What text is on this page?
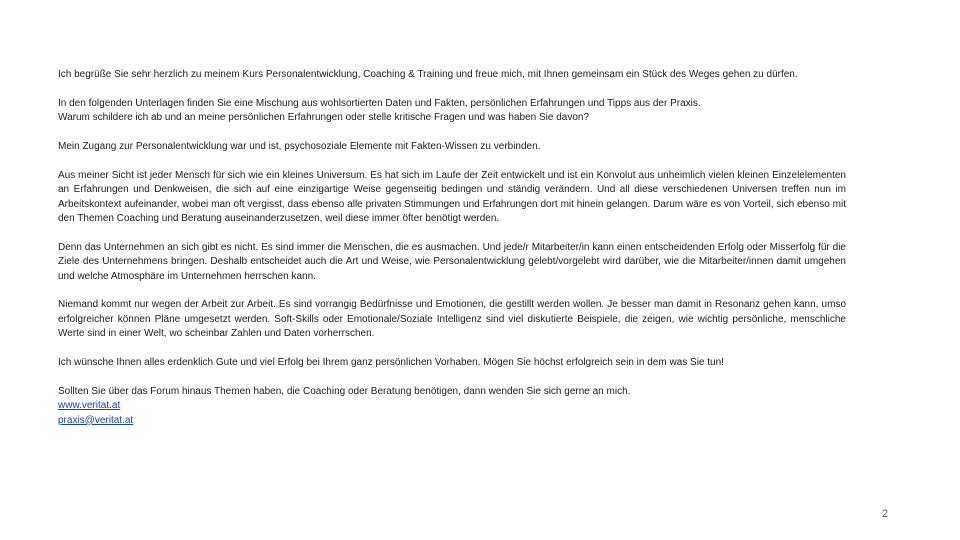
Ich begrüße Sie sehr herzlich zu meinem Kurs Personalentwicklung, Coaching & Training und freue mich, mit Ihnen gemeinsam ein Stück des Weges gehen zu dürfen.

In den folgenden Unterlagen finden Sie eine Mischung aus wohlsortierten Daten und Fakten, persönlichen Erfahrungen und Tipps aus der Praxis.
Warum schildere ich ab und an meine persönlichen Erfahrungen oder stelle kritische Fragen und was haben Sie davon?

Mein Zugang zur Personalentwicklung war und ist, psychosoziale Elemente mit Fakten-Wissen zu verbinden.

Aus meiner Sicht ist jeder Mensch für sich wie ein kleines Universum. Es hat sich im Laufe der Zeit entwickelt und ist ein Konvolut aus unheimlich vielen kleinen Einzelelementen an Erfahrungen und Denkweisen, die sich auf eine einzigartige Weise gegenseitig bedingen und ständig verändern. Und all diese verschiedenen Universen treffen nun im Arbeitskontext aufeinander, wobei man oft vergisst, dass ebenso alle privaten Stimmungen und Erfahrungen dort mit hinein gelangen. Darum wäre es von Vorteil, sich ebenso mit den Themen Coaching und Beratung auseinanderzusetzen, weil diese immer öfter benötigt werden.

Denn das Unternehmen an sich gibt es nicht. Es sind immer die Menschen, die es ausmachen. Und jede/r Mitarbeiter/in kann einen entscheidenden Erfolg oder Misserfolg für die Ziele des Unternehmens bringen. Deshalb entscheidet auch die Art und Weise, wie Personalentwicklung gelebt/vorgelebt wird darüber, wie die Mitarbeiter/innen damit umgehen und welche Atmosphäre im Unternehmen herrschen kann.

Niemand kommt nur wegen der Arbeit zur Arbeit. Es sind vorrangig Bedürfnisse und Emotionen, die gestillt werden wollen. Je besser man damit in Resonanz gehen kann, umso erfolgreicher können Pläne umgesetzt werden. Soft-Skills oder Emotionale/Soziale Intelligenz sind viel diskutierte Beispiele, die zeigen, wie wichtig persönliche, menschliche Werte sind in einer Welt, wo scheinbar Zahlen und Daten vorherrschen.

Ich wünsche Ihnen alles erdenklich Gute und viel Erfolg bei Ihrem ganz persönlichen Vorhaben. Mögen Sie höchst erfolgreich sein in dem was Sie tun!

Sollten Sie über das Forum hinaus Themen haben, die Coaching oder Beratung benötigen, dann wenden Sie sich gerne an mich.
www.veritat.at
praxis@veritat.at

2
